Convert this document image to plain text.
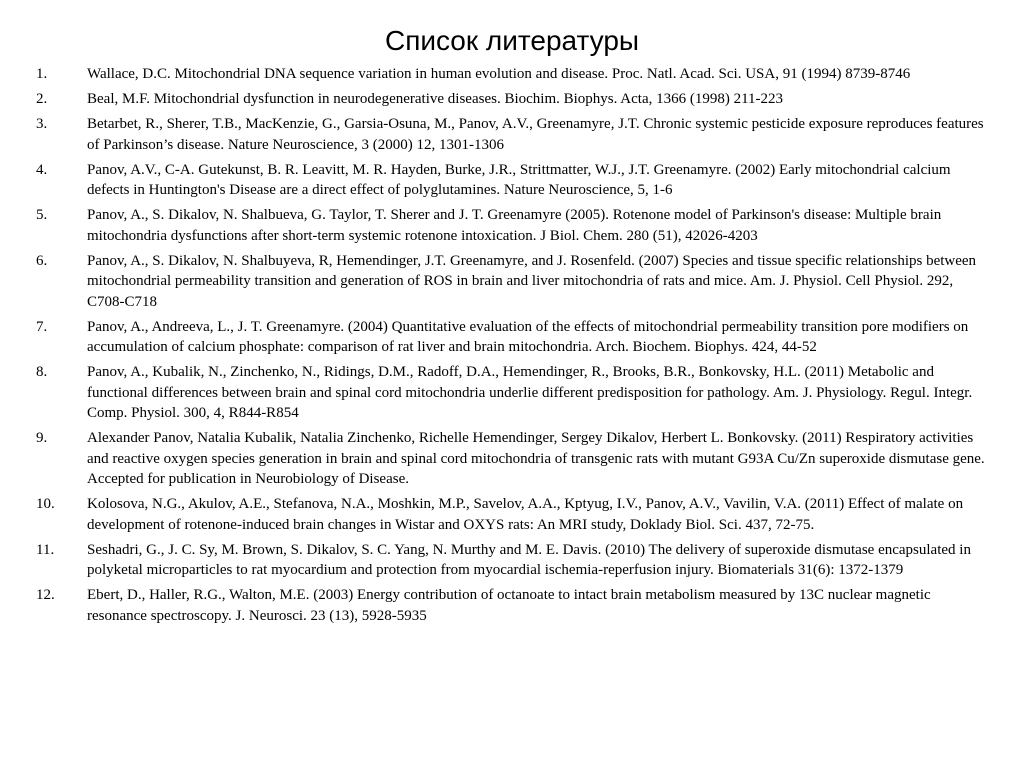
Список литературы
1.	Wallace, D.C. Mitochondrial DNA sequence variation in human evolution and disease. Proc. Natl. Acad. Sci. USA, 91 (1994) 8739-8746
2.	Beal, M.F. Mitochondrial dysfunction in neurodegenerative diseases. Biochim. Biophys. Acta, 1366 (1998) 211-223
3.	Betarbet, R., Sherer, T.B., MacKenzie, G., Garsia-Osuna, M., Panov, A.V., Greenamyre, J.T. Chronic systemic pesticide exposure reproduces features of Parkinson’s disease. Nature Neuroscience, 3 (2000) 12, 1301-1306
4.	Panov, A.V., C-A. Gutekunst, B. R. Leavitt, M. R. Hayden, Burke, J.R., Strittmatter, W.J., J.T. Greenamyre. (2002) Early mitochondrial calcium defects in Huntington's Disease are a direct effect of polyglutamines. Nature Neuroscience, 5, 1-6
5.	Panov, A., S. Dikalov, N. Shalbueva, G. Taylor, T. Sherer and J. T. Greenamyre (2005). Rotenone model of Parkinson's disease: Multiple brain mitochondria dysfunctions after short-term systemic rotenone intoxication. J Biol. Chem. 280 (51), 42026-4203
6.	Panov, A., S. Dikalov, N. Shalbuyeva, R, Hemendinger, J.T. Greenamyre, and J. Rosenfeld. (2007) Species and tissue specific relationships between mitochondrial permeability transition and generation of ROS in brain and liver mitochondria of rats and mice. Am. J. Physiol. Cell Physiol. 292, C708-C718
7.	Panov, A., Andreeva, L., J. T. Greenamyre. (2004) Quantitative evaluation of the effects of mitochondrial permeability transition pore modifiers on accumulation of calcium phosphate: comparison of rat liver and brain mitochondria. Arch. Biochem. Biophys. 424, 44-52
8.	Panov, A., Kubalik, N., Zinchenko, N., Ridings, D.M., Radoff, D.A., Hemendinger, R., Brooks, B.R., Bonkovsky, H.L. (2011) Metabolic and functional differences between brain and spinal cord mitochondria underlie different predisposition for pathology. Am. J. Physiology. Regul. Integr. Comp. Physiol. 300, 4, R844-R854
9.	Alexander Panov, Natalia Kubalik, Natalia Zinchenko, Richelle Hemendinger, Sergey Dikalov, Herbert L. Bonkovsky. (2011) Respiratory activities and reactive oxygen species generation in brain and spinal cord mitochondria of transgenic rats with mutant G93A Cu/Zn superoxide dismutase gene. Accepted for publication in Neurobiology of Disease.
10. Kolosova, N.G., Akulov, A.E., Stefanova, N.A., Moshkin, M.P., Savelov, A.A., Kptyug, I.V., Panov, A.V., Vavilin, V.A. (2011) Effect of malate on development of rotenone-induced brain changes in Wistar and OXYS rats: An MRI study, Doklady Biol. Sci. 437, 72-75.
11. Seshadri, G., J. C. Sy, M. Brown, S. Dikalov, S. C. Yang, N. Murthy and M. E. Davis. (2010) The delivery of superoxide dismutase encapsulated in polyketal microparticles to rat myocardium and protection from myocardial ischemia-reperfusion injury. Biomaterials 31(6): 1372-1379
12. Ebert, D., Haller, R.G., Walton, M.E. (2003) Energy contribution of octanoate to intact brain metabolism measured by 13C nuclear magnetic resonance spectroscopy. J. Neurosci. 23 (13), 5928-5935
